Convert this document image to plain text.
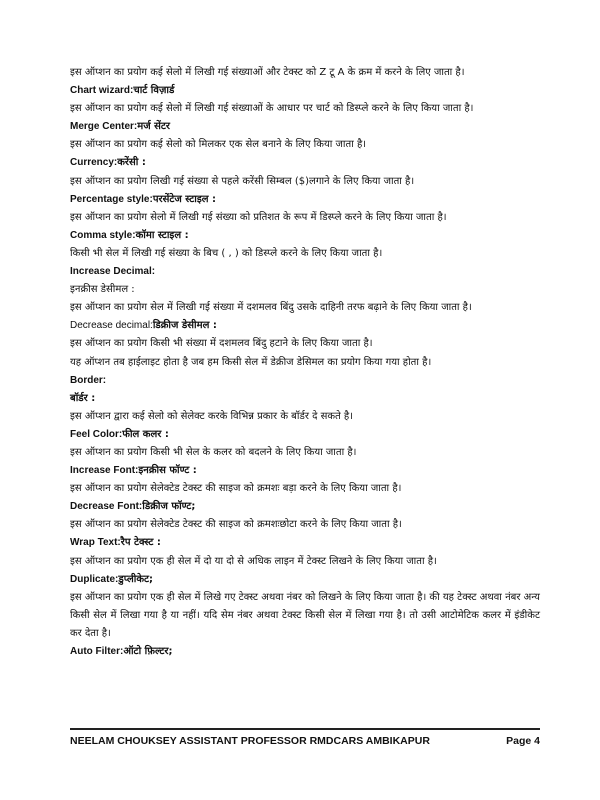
इस ऑप्शन का प्रयोग कई सेलो में लिखी गई संख्याओं और टेक्स्ट को Z टू A के क्रम में करने के लिए जाता है।
Chart wizard:चार्ट विज़ार्ड
इस ऑप्शन का प्रयोग कई सेलो में लिखी गई संख्याओं के आधार पर चार्ट को डिस्प्ले करने के लिए किया जाता है।
Merge Center:मर्ज सेंटर
इस ऑप्शन का प्रयोग कई सेलो को मिलकर एक सेल बनाने के लिए किया जाता है।
Currency:करेंसी :
इस ऑप्शन का प्रयोग लिखी गई संख्या से पहले करेंसी सिम्बल ($)लगाने के लिए किया जाता है।
Percentage style:परसेंटेज स्टाइल :
इस ऑप्शन का प्रयोग सेलो में लिखी गई संख्या को प्रतिशत के रूप में डिस्प्ले करने के लिए किया जाता है।
Comma style:कॉमा स्टाइल :
किसी भी सेल में लिखी गई संख्या के बिच ( , ) को डिस्प्ले करने के लिए किया जाता है।
Increase Decimal:
इनक्रीस डेसीमल :
इस ऑप्शन का प्रयोग सेल में लिखी गई संख्या में दशमलव बिंदु उसके दाहिनी तरफ बढ़ाने के लिए किया जाता है।
Decrease decimal:डिक्रीज डेसीमल :
इस ऑप्शन का प्रयोग किसी भी संख्या में दशमलव बिंदु हटाने के लिए किया जाता है।
यह ऑप्शन तब हाईलाइट होता है जब हम किसी सेल में डेक्रीज डेसिमल का प्रयोग किया गया होता है।
Border:
बॉर्डर :
इस ऑप्शन द्वारा कई सेलो को सेलेक्ट करके विभिन्न प्रकार के बॉर्डर दे सकते है।
Feel Color:फील कलर :
इस ऑप्शन का प्रयोग किसी भी सेल के कलर को बदलने के लिए किया जाता है।
Increase Font:इनक्रीस फॉण्ट :
इस ऑप्शन का प्रयोग सेलेक्टेड टेक्स्ट की साइज को क्रमशः बड़ा करने के लिए किया जाता है।
Decrease Font:डिक्रीज फॉण्ट;
इस ऑप्शन का प्रयोग सेलेक्टेड टेक्स्ट की साइज को क्रमशःछोटा करने के लिए किया जाता है।
Wrap Text:रैप टेक्स्ट :
इस ऑप्शन का प्रयोग एक ही सेल में दो या दो से अधिक लाइन में टेक्स्ट लिखने के लिए किया जाता है।
Duplicate:डुप्लीकेट;
इस ऑप्शन का प्रयोग एक ही सेल में लिखे गए टेक्स्ट अथवा नंबर को लिखने के लिए किया जाता है। की यह टेक्स्ट अथवा नंबर अन्य किसी सेल में लिखा गया है या नहीं। यदि सेम नंबर अथवा टेक्स्ट किसी सेल में लिखा गया है। तो उसी आटोमेटिक कलर में इंडीकेट कर देता है।
Auto Filter:ऑटो फ़िल्टर;
NEELAM CHOUKSEY ASSISTANT PROFESSOR RMDCARS AMBIKAPUR	Page 4
